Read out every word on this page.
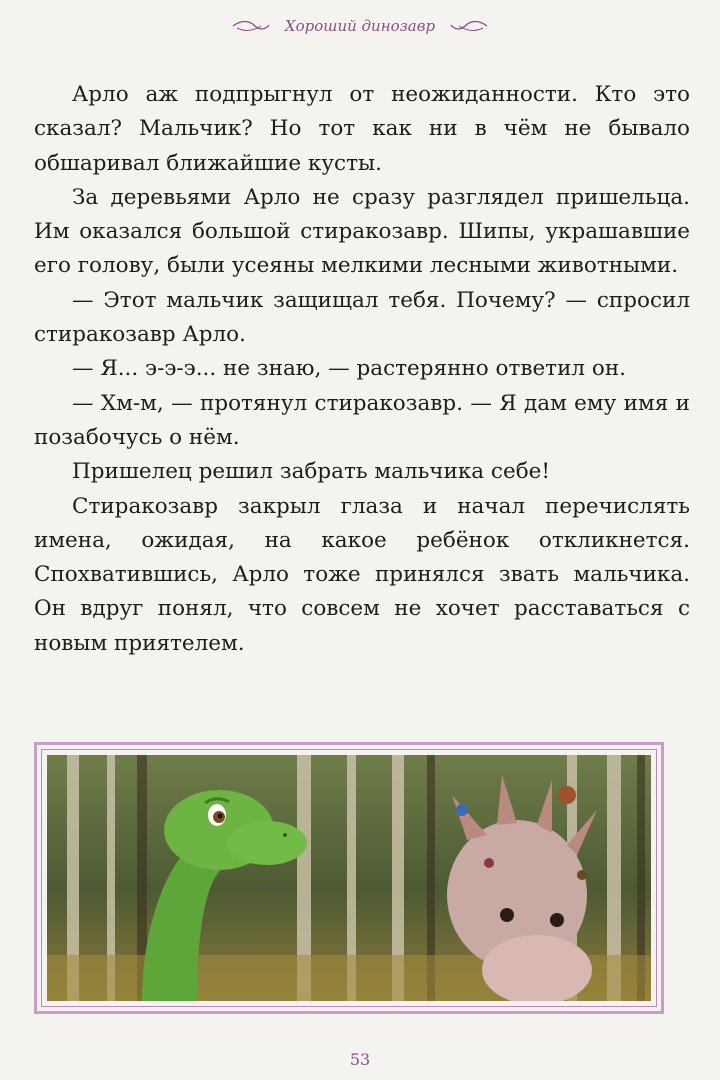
Хороший динозавр

Арло аж подпрыгнул от неожиданности. Кто это сказал? Мальчик? Но тот как ни в чём не бывало обшаривал ближайшие кусты.

За деревьями Арло не сразу разглядел пришельца. Им оказался большой стиракозавр. Шипы, украшавшие его голову, были усеяны мелкими лесными животными.

— Этот мальчик защищал тебя. Почему? — спросил стиракозавр Арло.

— Я... э-э-э... не знаю, — растерянно ответил он.

— Хм-м, — протянул стиракозавр. — Я дам ему имя и позабочусь о нём.

Пришелец решил забрать мальчика себе!

Стиракозавр закрыл глаза и начал перечислять имена, ожидая, на какое ребёнок откликнется. Спохватившись, Арло тоже принялся звать мальчика. Он вдруг понял, что совсем не хочет расставаться с новым приятелем.

53
